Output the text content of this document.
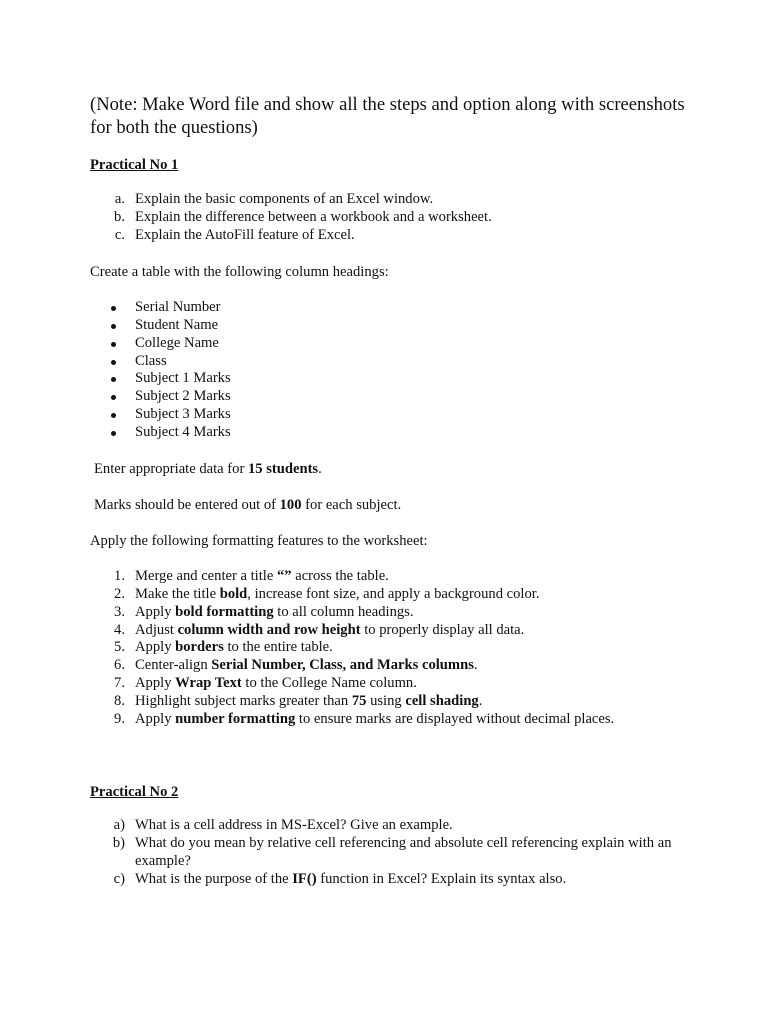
(Note: Make Word file and show all the steps and option along with screenshots for both the questions)

Practical No 1

a. Explain the basic components of an Excel window.
b. Explain the difference between a workbook and a worksheet.
c. Explain the AutoFill feature of Excel.

Create a table with the following column headings:

Serial Number
Student Name
College Name
Class
Subject 1 Marks
Subject 2 Marks
Subject 3 Marks
Subject 4 Marks

Enter appropriate data for 15 students.

Marks should be entered out of 100 for each subject.

Apply the following formatting features to the worksheet:

1. Merge and center a title “” across the table.
2. Make the title bold, increase font size, and apply a background color.
3. Apply bold formatting to all column headings.
4. Adjust column width and row height to properly display all data.
5. Apply borders to the entire table.
6. Center-align Serial Number, Class, and Marks columns.
7. Apply Wrap Text to the College Name column.
8. Highlight subject marks greater than 75 using cell shading.
9. Apply number formatting to ensure marks are displayed without decimal places.

Practical No 2

a) What is a cell address in MS-Excel? Give an example.
b) What do you mean by relative cell referencing and absolute cell referencing explain with an example?
c) What is the purpose of the IF() function in Excel? Explain its syntax also.
